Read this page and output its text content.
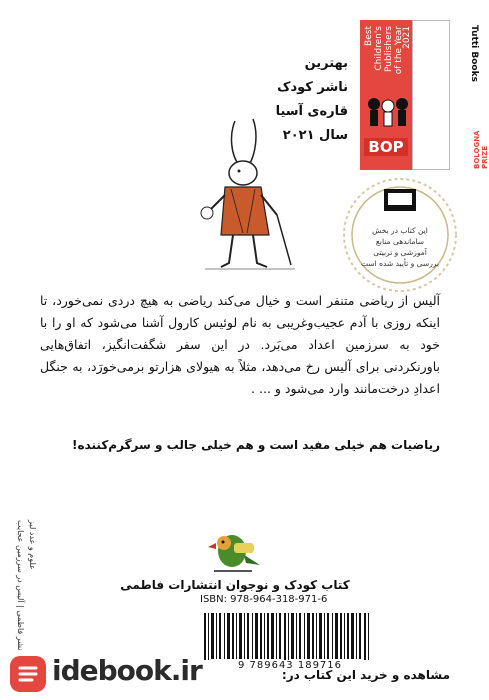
Best Children's Publishers of the Year
2021
BOP
Tutti Books
BOLOGNA PRIZE
بهترین
ناشر کودک
قاره‌ی آسیا
سال ۲۰۲۱
این کتاب در بخش
ساماندهی منابع
آموزشی و تربیتی
بررسی و تأیید شده است
آلیس از ریاضی متنفر است و خیال می‌کند ریاضی به هیچ دردی نمی‌خورد، تا اینکه روزی با آدم عجیب‌وغریبی به نام لوئیس کارول آشنا می‌شود که او را با خود به سرزمین اعداد می‌بَرد. در این سفر شگفت‌انگیز، اتفاق‌هایی باورنکردنی برای آلیس رخ می‌دهد، مثلاً به هیولای هزارتو برمی‌خورَد، به جنگل اعدادِ درخت‌مانند وارد می‌شود و ... .
ریاضیات هم خیلی مفید است و هم خیلی جالب و سرگرم‌کننده!
نشر فاطمی | آلیس در سرزمین عجایب علوم و عدد لیز
کتاب کودک و نوجوان انتشارات فاطمی
ISBN: 978-964-318-971-6
9 789643 189716
idebook.ir	مشاهده و خرید این کتاب در:
